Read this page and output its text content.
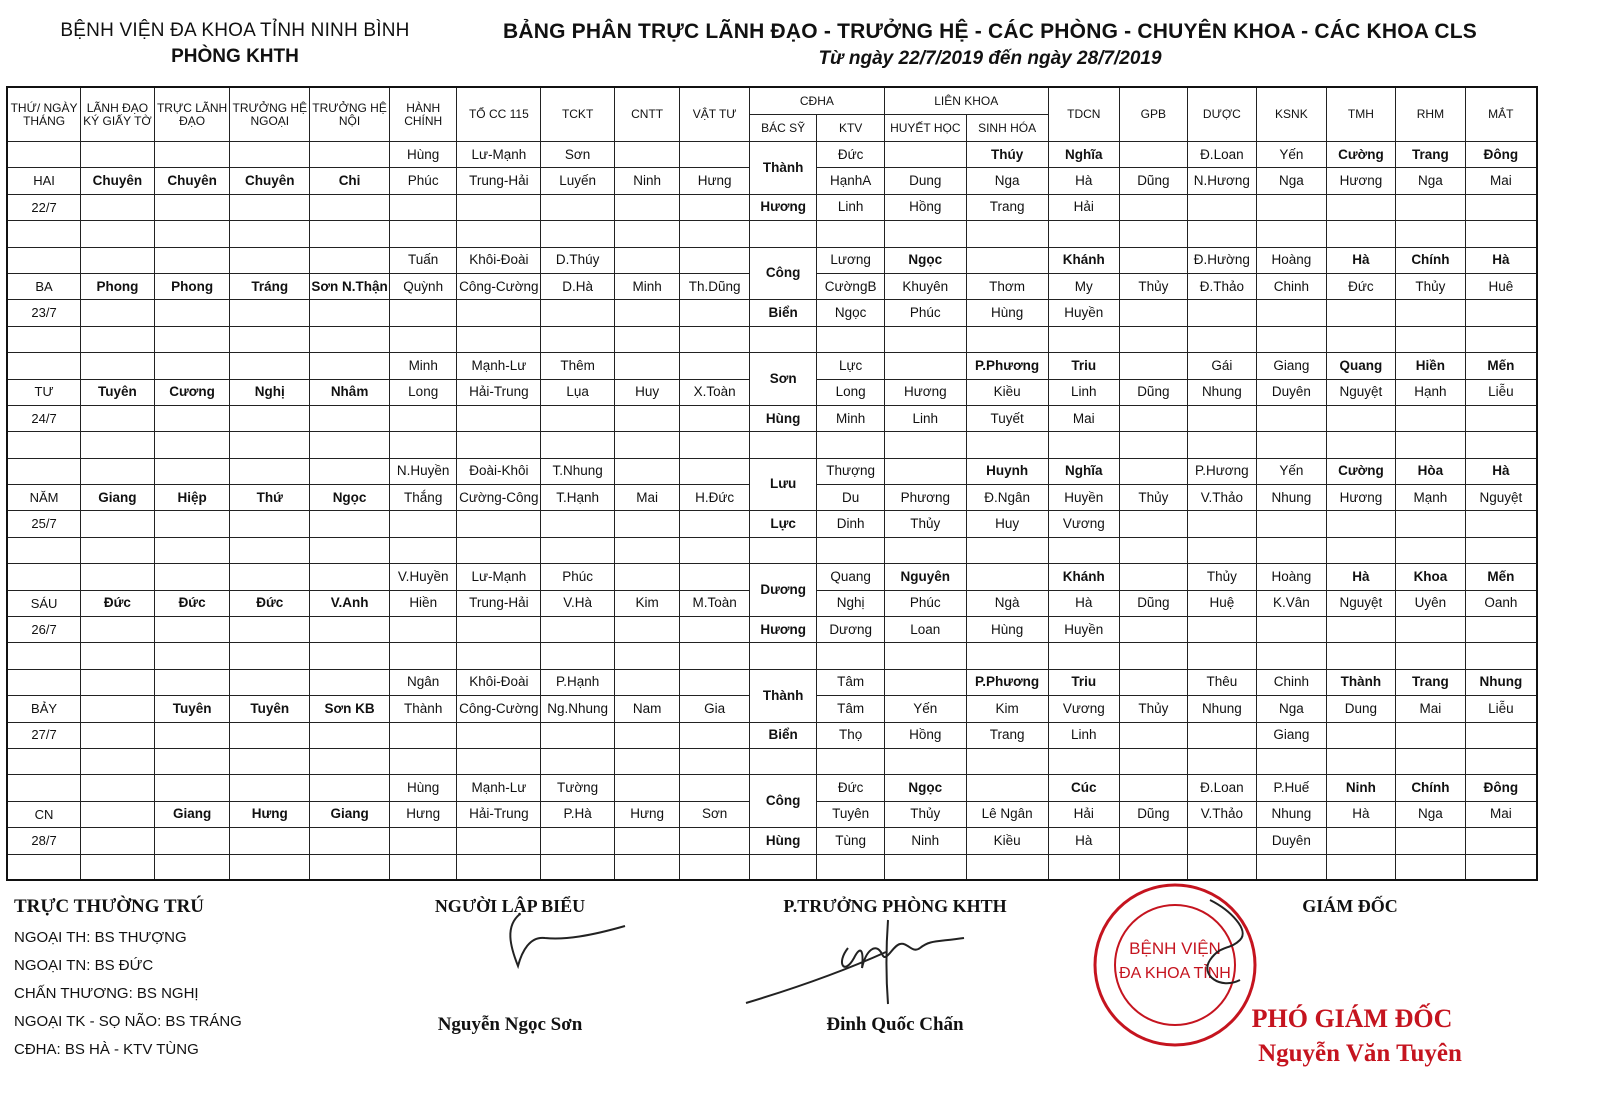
BỆNH VIỆN ĐA KHOA TỈNH NINH BÌNH
PHÒNG KHTH
BẢNG PHÂN TRỰC LÃNH ĐẠO - TRƯỞNG HỆ - CÁC PHÒNG - CHUYÊN KHOA - CÁC KHOA CLS
Từ ngày 22/7/2019 đến ngày 28/7/2019
THỨ/ NGÀY THÁNG	LÃNH ĐẠO KÝ GIẤY TỜ	TRỰC LÃNH ĐẠO	TRƯỞNG HỆ NGOẠI	TRƯỞNG HỆ NỘI	HÀNH CHÍNH	TỔ CC 115	TCKT	CNTT	VẬT TƯ	CĐHA		LIÊN KHOA		TDCN	GPB	DƯỢC	KSNK	TMH	RHM	MẮT
										BÁC SỸ	KTV	HUYẾT HỌC	SINH HÓA							
					Hùng	Lư-Mạnh	Sơn			Thành	Đức		Thúy	Nghĩa		Đ.Loan	Yến	Cường	Trang	Đông
HAI	Chuyên	Chuyên	Chuyên	Chi	Phúc	Trung-Hải	Luyến	Ninh	Hưng		HạnhA	Dung	Nga	Hà	Dũng	N.Hương	Nga	Hương	Nga	Mai
22/7										Hương	Linh	Hồng	Trang	Hải						

					Tuấn	Khôi-Đoài	D.Thúy			Công	Lương	Ngọc		Khánh		Đ.Hường	Hoàng	Hà	Chính	Hà
BA	Phong	Phong	Tráng	Sơn N.Thận	Quỳnh	Công-Cường	D.Hà	Minh	Th.Dũng		CườngB	Khuyên	Thơm	My	Thủy	Đ.Thảo	Chinh	Đức	Thủy	Huê
23/7										Biển	Ngọc	Phúc	Hùng	Huyền						

					Minh	Mạnh-Lư	Thêm			Sơn	Lực		P.Phương	Triu		Gái	Giang	Quang	Hiền	Mến
TƯ	Tuyên	Cương	Nghị	Nhâm	Long	Hải-Trung	Lụa	Huy	X.Toàn		Long	Hương	Kiều	Linh	Dũng	Nhung	Duyên	Nguyệt	Hạnh	Liễu
24/7										Hùng	Minh	Linh	Tuyết	Mai						

					N.Huyền	Đoài-Khôi	T.Nhung			Lưu	Thượng		Huynh	Nghĩa		P.Hương	Yến	Cường	Hòa	Hà
NĂM	Giang	Hiệp	Thứ	Ngọc	Thắng	Cường-Công	T.Hạnh	Mai	H.Đức		Du	Phương	Đ.Ngân	Huyền	Thủy	V.Thảo	Nhung	Hương	Mạnh	Nguyệt
25/7										Lực	Dinh	Thủy	Huy	Vương						

					V.Huyền	Lư-Mạnh	Phúc			Dương	Quang	Nguyên		Khánh		Thủy	Hoàng	Hà	Khoa	Mến
SÁU	Đức	Đức	Đức	V.Anh	Hiền	Trung-Hải	V.Hà	Kim	M.Toàn		Nghị	Phúc	Ngà	Hà	Dũng	Huệ	K.Vân	Nguyệt	Uyên	Oanh
26/7										Hương	Dương	Loan	Hùng	Huyền						

					Ngân	Khôi-Đoài	P.Hạnh			Thành	Tâm		P.Phương	Triu		Thêu	Chinh	Thành	Trang	Nhung
BẢY		Tuyên	Tuyên	Sơn KB	Thành	Công-Cường	Ng.Nhung	Nam	Gia		Tâm	Yến	Kim	Vương	Thủy	Nhung	Nga	Dung	Mai	Liễu
27/7										Biển	Thọ	Hồng	Trang	Linh			Giang			

					Hùng	Mạnh-Lư	Tường			Công	Đức	Ngọc		Cúc		Đ.Loan	P.Huế	Ninh	Chính	Đông
CN		Giang	Hưng	Giang	Hưng	Hải-Trung	P.Hà	Hưng	Sơn		Tuyên	Thủy	Lê Ngân	Hải	Dũng	V.Thảo	Nhung	Hà	Nga	Mai
28/7										Hùng	Tùng	Ninh	Kiều	Hà			Duyên			

TRỰC THƯỜNG TRÚ
NGOẠI TH: BS THƯỢNG
NGOẠI TN: BS ĐỨC
CHẤN THƯƠNG: BS NGHỊ
NGOẠI TK - SỌ NÃO: BS TRÁNG
CĐHA: BS HÀ - KTV TÙNG
NGƯỜI LẬP BIỂU
Nguyễn Ngọc Sơn
P.TRƯỞNG PHÒNG KHTH
Đinh Quốc Chấn
BỆNH VIỆN
ĐA KHOA TỈNH
GIÁM ĐỐC
PHÓ GIÁM ĐỐC
Nguyễn Văn Tuyên
